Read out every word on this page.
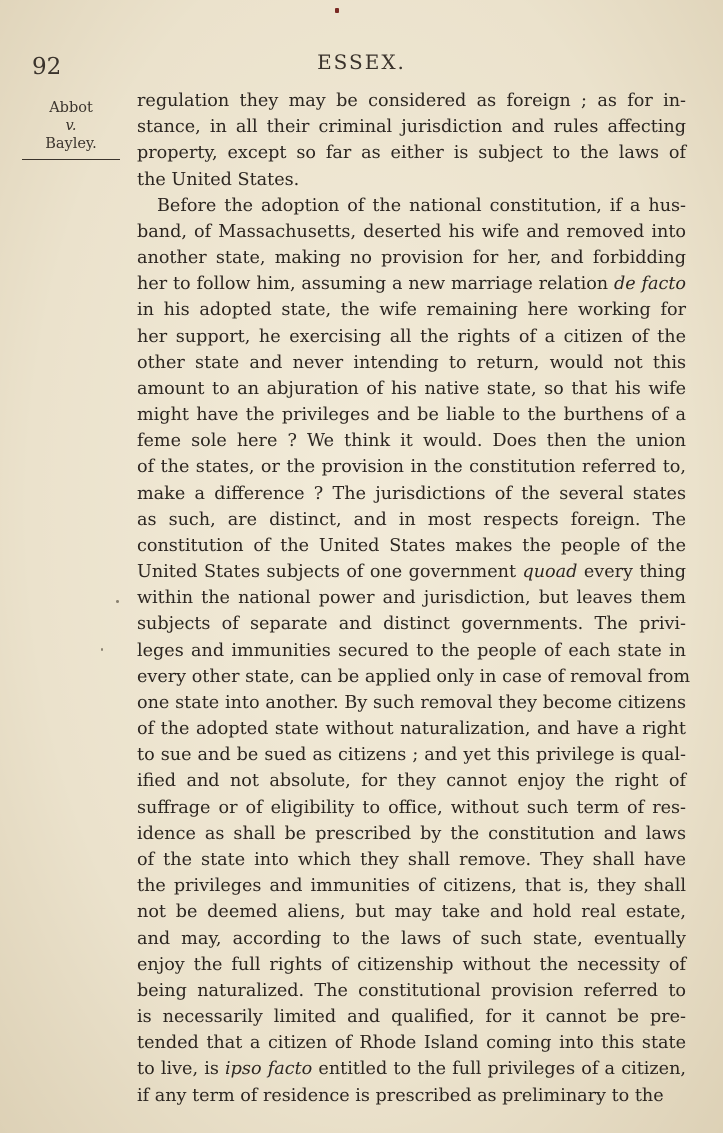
92	ESSEX.
Abbot
v.
Bayley.
regulation they may be considered as foreign ; as for in-
stance, in all their criminal jurisdiction and rules affecting
property, except so far as either is subject to the laws of
the United States.
Before the adoption of the national constitution, if a hus-
band, of Massachusetts, deserted his wife and removed into
another state, making no provision for her, and forbidding
her to follow him, assuming a new marriage relation de facto
in his adopted state, the wife remaining here working for
her support, he exercising all the rights of a citizen of the
other state and never intending to return, would not this
amount to an abjuration of his native state, so that his wife
might have the privileges and be liable to the burthens of a
feme sole here ? We think it would. Does then the union
of the states, or the provision in the constitution referred to,
make a difference ? The jurisdictions of the several states
as such, are distinct, and in most respects foreign. The
constitution of the United States makes the people of the
United States subjects of one government quoad every thing
within the national power and jurisdiction, but leaves them
subjects of separate and distinct governments. The privi-
leges and immunities secured to the people of each state in
every other state, can be applied only in case of removal from
one state into another. By such removal they become citizens
of the adopted state without naturalization, and have a right
to sue and be sued as citizens ; and yet this privilege is qual-
ified and not absolute, for they cannot enjoy the right of
suffrage or of eligibility to office, without such term of res-
idence as shall be prescribed by the constitution and laws
of the state into which they shall remove. They shall have
the privileges and immunities of citizens, that is, they shall
not be deemed aliens, but may take and hold real estate,
and may, according to the laws of such state, eventually
enjoy the full rights of citizenship without the necessity of
being naturalized. The constitutional provision referred to
is necessarily limited and qualified, for it cannot be pre-
tended that a citizen of Rhode Island coming into this state
to live, is ipso facto entitled to the full privileges of a citizen,
if any term of residence is prescribed as preliminary to the
